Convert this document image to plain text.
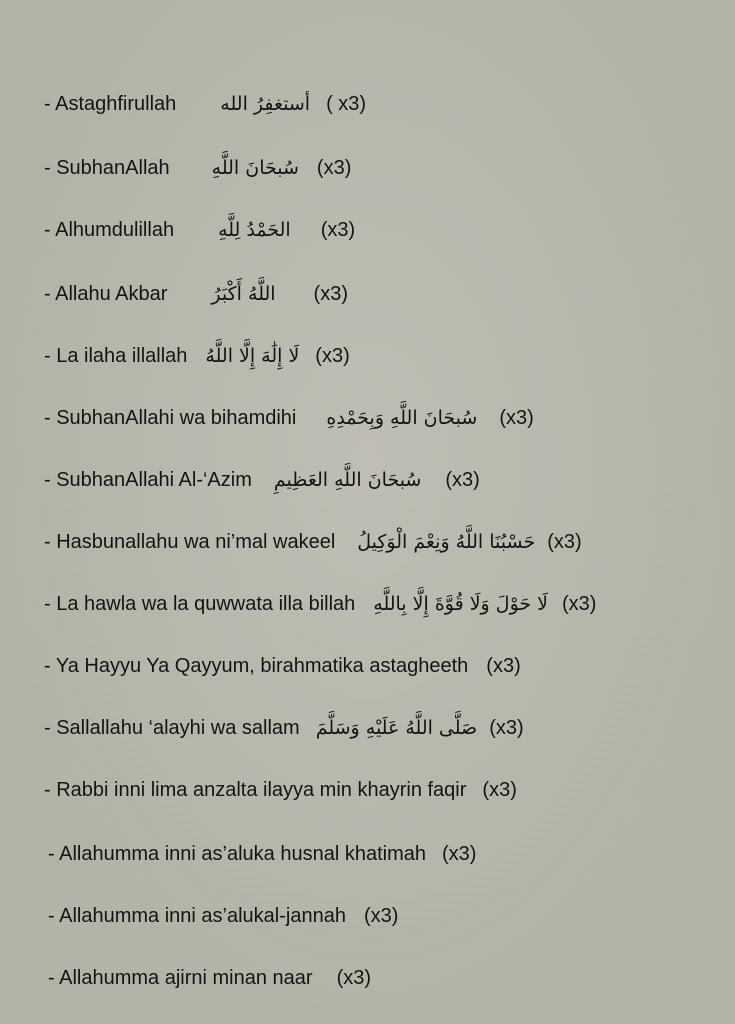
- Astaghfirullah أستغفِرُ الله ( x3)
- SubhanAllah سُبحَانَ اللَّهِ (x3)
- Alhumdulillah الحَمْدُ لِلَّهِ (x3)
- Allahu Akbar اللَّهُ أَكْبَرُ (x3)
- La ilaha illallah لَا إِلَٰهَ إِلَّا اللَّهُ (x3)
- SubhanAllahi wa bihamdihi سُبحَانَ اللَّهِ وَبِحَمْدِهِ (x3)
- SubhanAllahi Al-‘Azim سُبحَانَ اللَّهِ العَظِيمِ (x3)
- Hasbunallahu wa ni’mal wakeel حَسْبُنَا اللَّهُ وَنِعْمَ الْوَكِيلُ (x3)
- La hawla wa la quwwata illa billah لَا حَوْلَ وَلَا قُوَّةَ إِلَّا بِاللَّهِ (x3)
- Ya Hayyu Ya Qayyum, birahmatika astagheeth (x3)
- Sallallahu ‘alayhi wa sallam صَلَّى اللَّهُ عَلَيْهِ وَسَلَّمَ (x3)
- Rabbi inni lima anzalta ilayya min khayrin faqir (x3)
- Allahumma inni as’aluka husnal khatimah (x3)
- Allahumma inni as’alukal-jannah (x3)
- Allahumma ajirni minan naar (x3)
